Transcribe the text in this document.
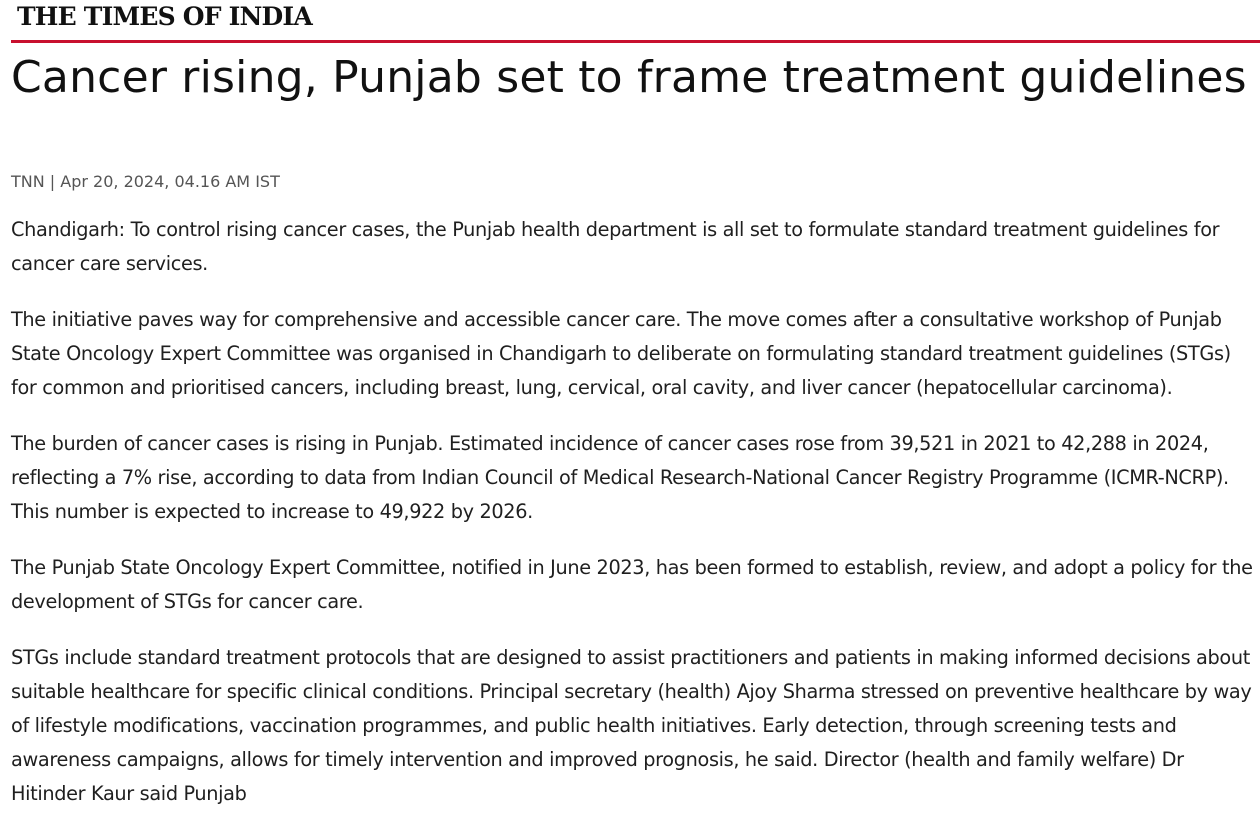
THE TIMES OF INDIA
Cancer rising, Punjab set to frame treatment guidelines
TNN | Apr 20, 2024, 04.16 AM IST

Chandigarh: To control rising cancer cases, the Punjab health department is all set to formulate standard treatment guidelines for cancer care services.

The initiative paves way for comprehensive and accessible cancer care. The move comes after a consultative workshop of Punjab State Oncology Expert Committee was organised in Chandigarh to deliberate on formulating standard treatment guidelines (STGs) for common and prioritised cancers, including breast, lung, cervical, oral cavity, and liver cancer (hepatocellular carcinoma).

The burden of cancer cases is rising in Punjab. Estimated incidence of cancer cases rose from 39,521 in 2021 to 42,288 in 2024, reflecting a 7% rise, according to data from Indian Council of Medical Research-National Cancer Registry Programme (ICMR-NCRP). This number is expected to increase to 49,922 by 2026.

The Punjab State Oncology Expert Committee, notified in June 2023, has been formed to establish, review, and adopt a policy for the development of STGs for cancer care.

STGs include standard treatment protocols that are designed to assist practitioners and patients in making informed decisions about suitable healthcare for specific clinical conditions. Principal secretary (health) Ajoy Sharma stressed on preventive healthcare by way of lifestyle modifications, vaccination programmes, and public health initiatives. Early detection, through screening tests and awareness campaigns, allows for timely intervention and improved prognosis, he said. Director (health and family welfare) Dr Hitinder Kaur said Punjab
